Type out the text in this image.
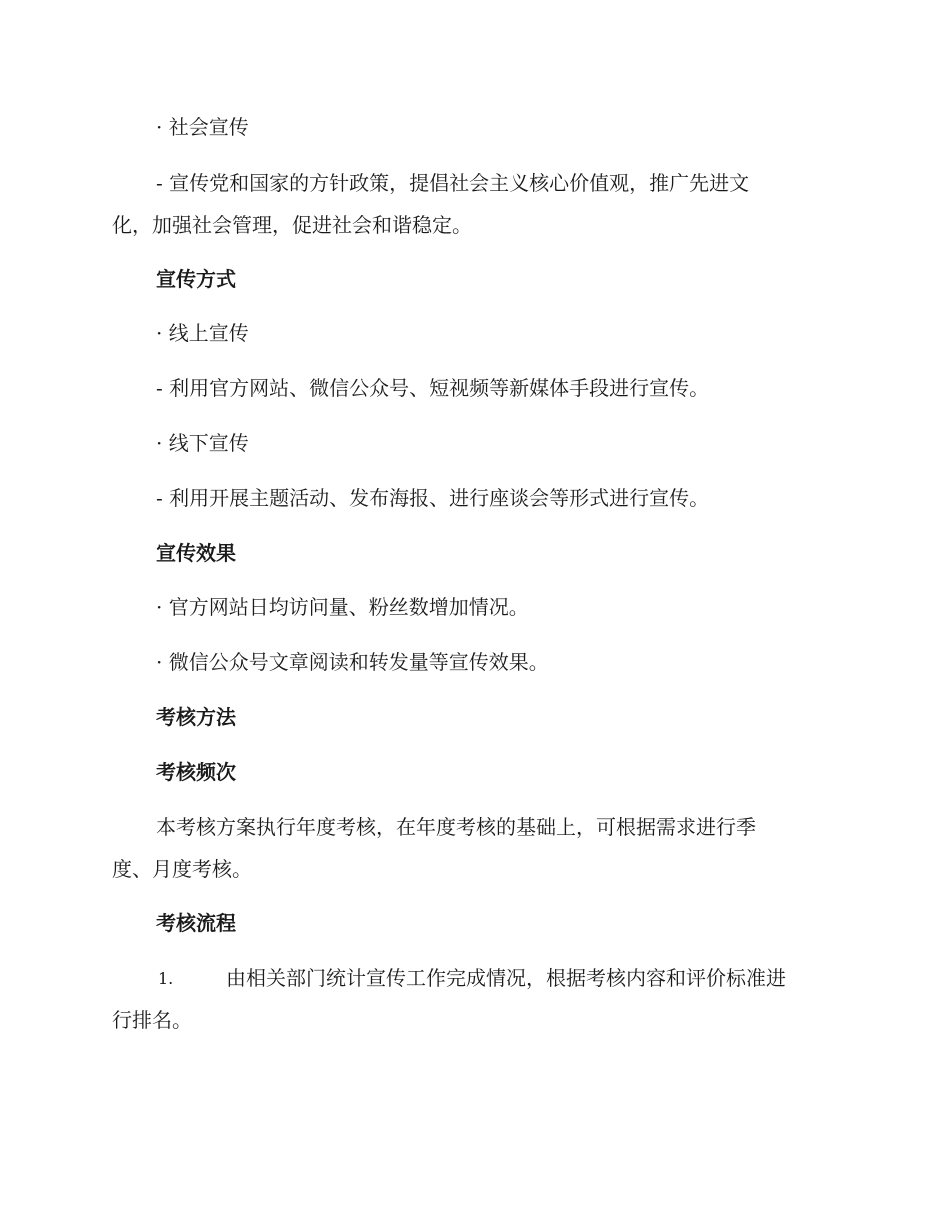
· 社会宣传
- 宣传党和国家的方针政策，提倡社会主义核心价值观，推广先进文
化，加强社会管理，促进社会和谐稳定。
宣传方式
· 线上宣传
- 利用官方网站、微信公众号、短视频等新媒体手段进行宣传。
· 线下宣传
- 利用开展主题活动、发布海报、进行座谈会等形式进行宣传。
宣传效果
· 官方网站日均访问量、粉丝数增加情况。
· 微信公众号文章阅读和转发量等宣传效果。
考核方法
考核频次
本考核方案执行年度考核，在年度考核的基础上，可根据需求进行季
度、月度考核。
考核流程
1.	由相关部门统计宣传工作完成情况，根据考核内容和评价标准进
行排名。
